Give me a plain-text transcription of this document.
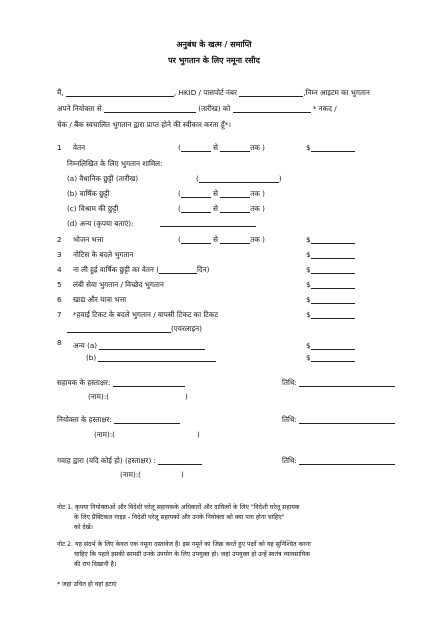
अनुबंध के खत्म / समाप्ति
पर भुगतान के लिए नमूना रसीद
मैं,	, HKID / पासपोर्ट नंबर	,निम्न आइटम का भुगतान
अपने नियोक्ता से	(तारीख) को	* नकद /
चेक / बैंक स्वचालित भुगतान द्वारा प्राप्त होने की स्वीकार करता हूँ*।
1 वेतन	(	से	तक )	$
निम्नलिखित के लिए भुगतान शामिल:
(a) वैधानिक छुट्टी (तारीख)	(	)
(b) वार्षिक छुट्टी	(	से	तक )
(c) विश्राम की छुट्टी	(	से	तक )
(d) अन्य (कृपया बताएं):
2 भोजन भत्ता	(	से	तक )	$
3 नोटिस के बदले भुगतान	$
4 ना ली हुई वार्षिक छुट्टी का वेतन (	दिन)	$
5 लंबी सेवा भुगतान / विच्छेद भुगतान	$
6 खाद्य और यात्रा भत्ता	$
7 *हवाई टिकट के बदले भुगतान / वापसी टिकट का टिकट	$
(एयरलाइन)
8 अन्य (a)	$
(b)	$
सहायक के हस्ताक्षर:	तिथि:
(नाम):(	)
नियोक्ता के हस्ताक्षर:	तिथि:
(नाम):(	)
गवाह द्वारा (यदि कोई हो) (हस्ताक्षर) :	तिथि:
(नाम):(	)
नोट 1. कृपया नियोक्ताओं और विदेशी घरेलू सहायकके अधिकारों और दायित्वों के लिए "विदेशी घरेलू सहायक
के लिए प्रैक्टिकल गाइड - विदेशी घरेलू सहायकों और उनके नियोक्ता को क्या पता होना चाहिए"
को देखें।
नोट 2. यह संदर्भ के लिए केवल एक नमूना दस्तावेज है। इस नमूने का जिक्र करते हुए पक्षों को यह सुनिश्चित करना
चाहिए कि पहले इसकी सामग्री उनके उपयोग के लिए उपयुक्त हो। जहां उपयुक्त हो उन्हें स्वतंत्र व्यावसायिक
की राय दिखानी है।
* जहां उचित हो वहां हटाएं
